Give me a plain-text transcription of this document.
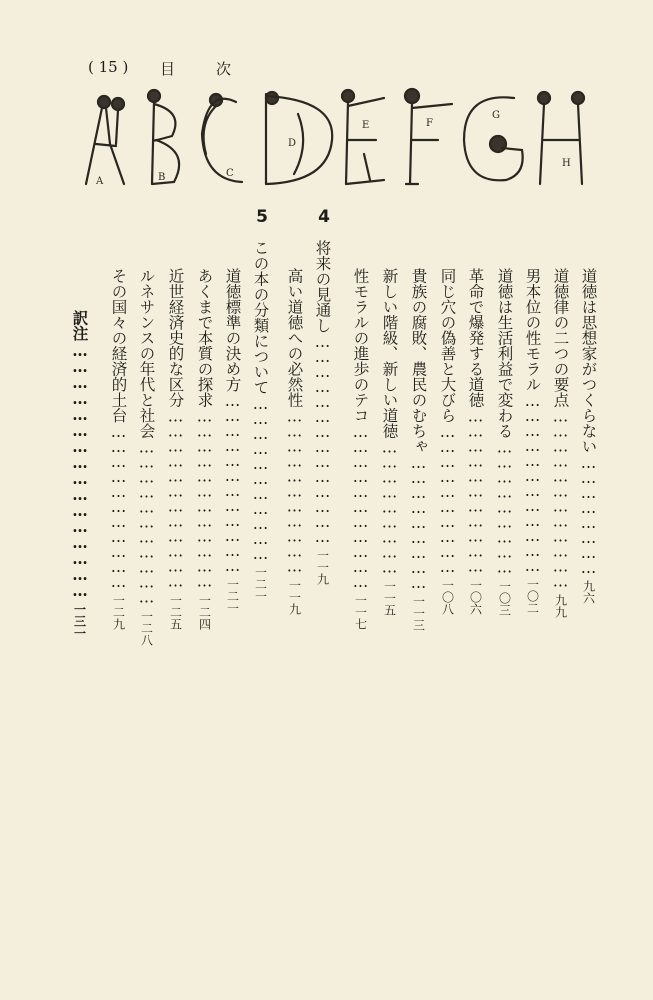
( 15 ) 目	次
A	B	C
D
E	F
G
H
道徳は思想家がつくらない……………………九六
道徳律の二つの要点………………………………九九
男本位の性モラル………………………………一〇二
道徳は生活利益で変わる………………………一〇三
革命で爆発する道徳……………………………一〇六
同じ穴の偽善と大びら…………………………一〇八
貴族の腐敗、農民のむちゃ………………………一一三
新しい階級、新しい道徳………………………一一五
性モラルの進歩のテコ……………………………一一七
4
将来の見通し……………………………………一一九
高い道徳への必然性……………………………一一九
5
この本の分類について……………………………一二一
道徳標準の決め方………………………………一二一
あくまで本質の探求………………………………一二四
近世経済史的な区分………………………………一二五
ルネサンスの年代と社会……………………………一二八
その国々の経済的土台……………………………一二九
訳注…………………………………………一三一
